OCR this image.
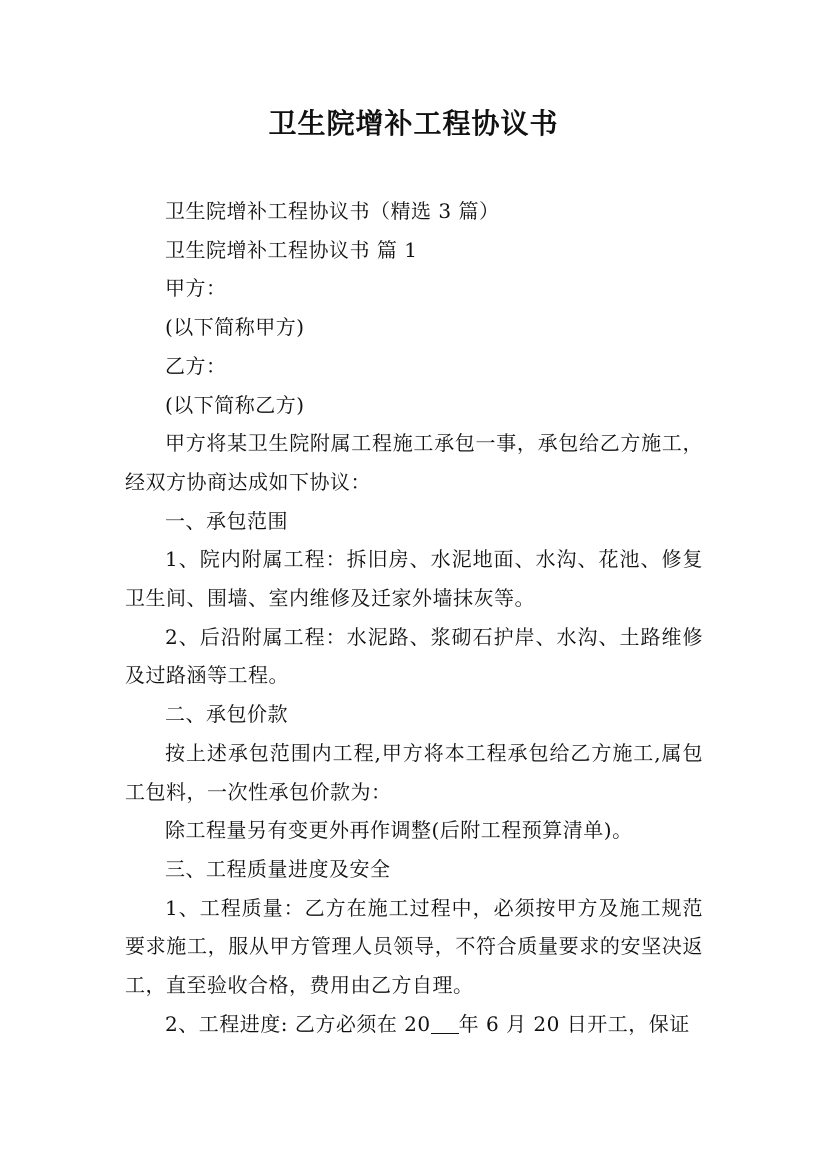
卫生院增补工程协议书

卫生院增补工程协议书（精选 3 篇）

卫生院增补工程协议书 篇 1

甲方：

(以下简称甲方)

乙方：

(以下简称乙方)

甲方将某卫生院附属工程施工承包一事，承包给乙方施工，经双方协商达成如下协议：

一、承包范围

1、院内附属工程：拆旧房、水泥地面、水沟、花池、修复卫生间、围墙、室内维修及迁家外墙抹灰等。

2、后沿附属工程：水泥路、浆砌石护岸、水沟、土路维修及过路涵等工程。

二、承包价款

按上述承包范围内工程,甲方将本工程承包给乙方施工,属包工包料，一次性承包价款为：

除工程量另有变更外再作调整(后附工程预算清单)。

三、工程质量进度及安全

1、工程质量：乙方在施工过程中，必须按甲方及施工规范要求施工，服从甲方管理人员领导，不符合质量要求的安坚决返工，直至验收合格，费用由乙方自理。

2、工程进度: 乙方必须在 20 年 6 月 20 日开工，保证
